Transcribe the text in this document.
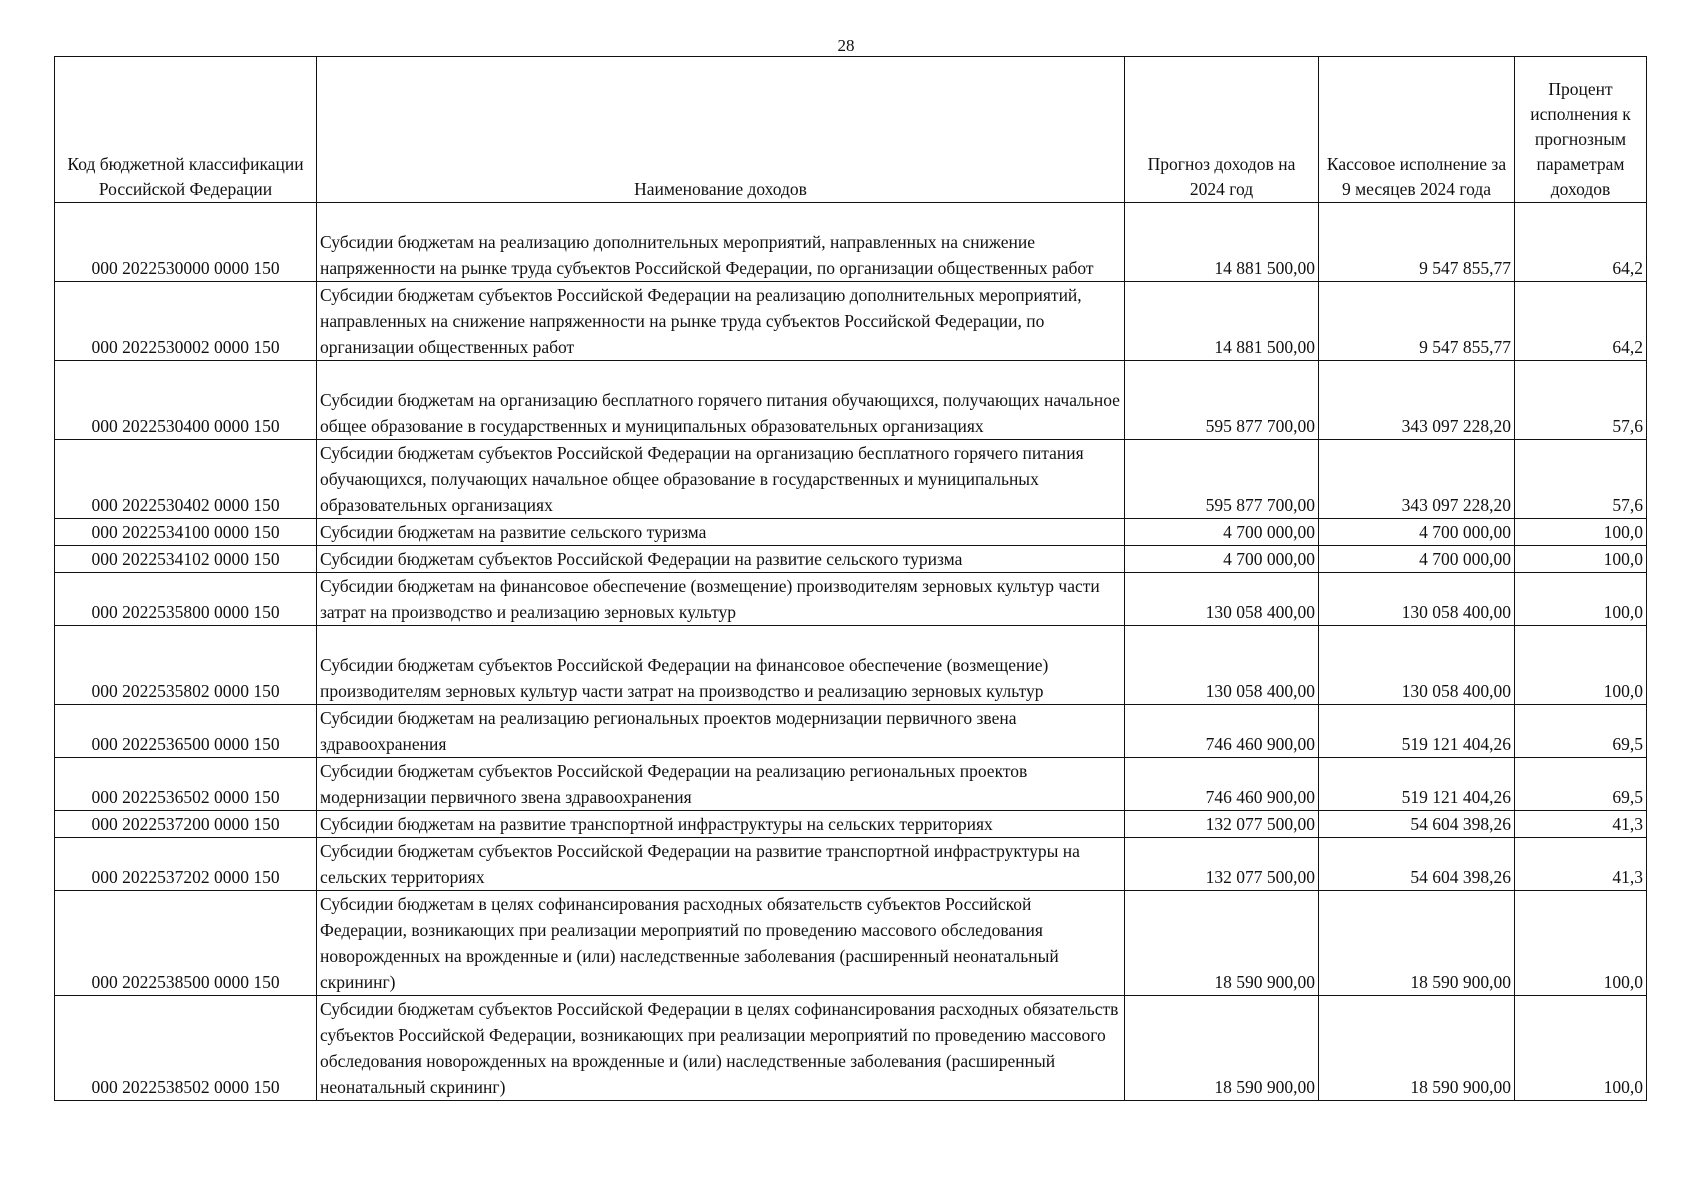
28
Код бюджетной классификации Российской Федерации	Наименование доходов	Прогноз доходов на 2024 год	Кассовое исполнение за 9 месяцев 2024 года	Процент исполнения к прогнозным параметрам доходов
000 2022530000 0000 150	Субсидии бюджетам на реализацию дополнительных мероприятий, направленных на снижение напряженности на рынке труда субъектов Российской Федерации, по организации общественных работ	14 881 500,00	9 547 855,77	64,2
000 2022530002 0000 150	Субсидии бюджетам субъектов Российской Федерации на реализацию дополнительных мероприятий, направленных на снижение напряженности на рынке труда субъектов Российской Федерации, по организации общественных работ	14 881 500,00	9 547 855,77	64,2
000 2022530400 0000 150	Субсидии бюджетам на организацию бесплатного горячего питания обучающихся, получающих начальное общее образование в государственных и муниципальных образовательных организациях	595 877 700,00	343 097 228,20	57,6
000 2022530402 0000 150	Субсидии бюджетам субъектов Российской Федерации на организацию бесплатного горячего питания обучающихся, получающих начальное общее образование в государственных и муниципальных образовательных организациях	595 877 700,00	343 097 228,20	57,6
000 2022534100 0000 150	Субсидии бюджетам на развитие сельского туризма	4 700 000,00	4 700 000,00	100,0
000 2022534102 0000 150	Субсидии бюджетам субъектов Российской Федерации на развитие сельского туризма	4 700 000,00	4 700 000,00	100,0
000 2022535800 0000 150	Субсидии бюджетам на финансовое обеспечение (возмещение) производителям зерновых культур части затрат на производство и реализацию зерновых культур	130 058 400,00	130 058 400,00	100,0
000 2022535802 0000 150	Субсидии бюджетам субъектов Российской Федерации на финансовое обеспечение (возмещение) производителям зерновых культур части затрат на производство и реализацию зерновых культур	130 058 400,00	130 058 400,00	100,0
000 2022536500 0000 150	Субсидии бюджетам на реализацию региональных проектов модернизации первичного звена здравоохранения	746 460 900,00	519 121 404,26	69,5
000 2022536502 0000 150	Субсидии бюджетам субъектов Российской Федерации на реализацию региональных проектов модернизации первичного звена здравоохранения	746 460 900,00	519 121 404,26	69,5
000 2022537200 0000 150	Субсидии бюджетам на развитие транспортной инфраструктуры на сельских территориях	132 077 500,00	54 604 398,26	41,3
000 2022537202 0000 150	Субсидии бюджетам субъектов Российской Федерации на развитие транспортной инфраструктуры на сельских территориях	132 077 500,00	54 604 398,26	41,3
000 2022538500 0000 150	Субсидии бюджетам в целях софинансирования расходных обязательств субъектов Российской Федерации, возникающих при реализации мероприятий по проведению массового обследования новорожденных на врожденные и (или) наследственные заболевания (расширенный неонатальный скрининг)	18 590 900,00	18 590 900,00	100,0
000 2022538502 0000 150	Субсидии бюджетам субъектов Российской Федерации в целях софинансирования расходных обязательств субъектов Российской Федерации, возникающих при реализации мероприятий по проведению массового обследования новорожденных на врожденные и (или) наследственные заболевания (расширенный неонатальный скрининг)	18 590 900,00	18 590 900,00	100,0
